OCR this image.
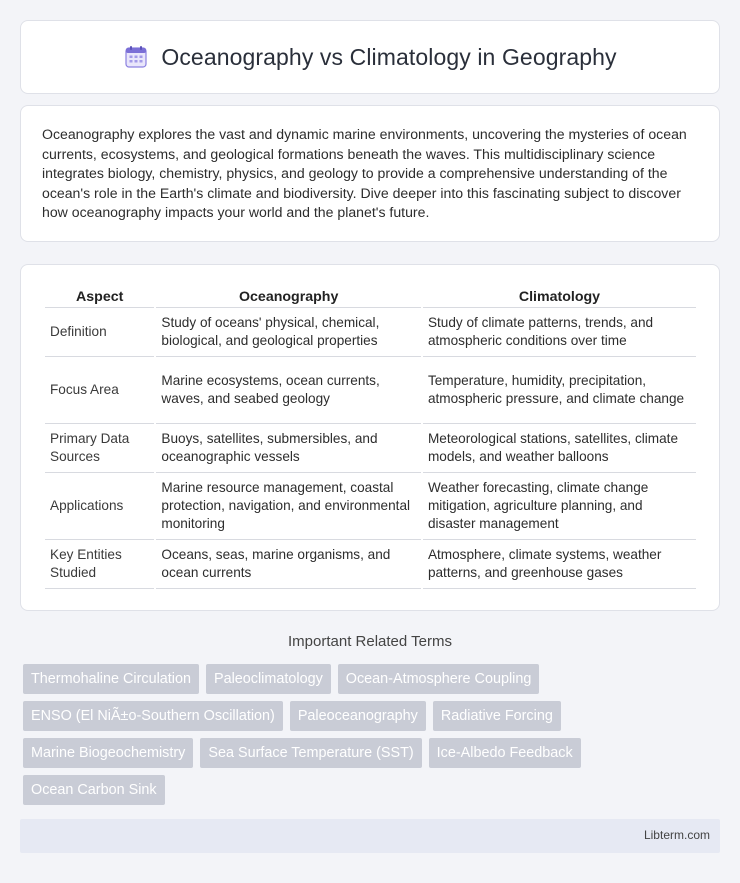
Oceanography vs Climatology in Geography

Oceanography explores the vast and dynamic marine environments, uncovering the mysteries of ocean currents, ecosystems, and geological formations beneath the waves. This multidisciplinary science integrates biology, chemistry, physics, and geology to provide a comprehensive understanding of the ocean's role in the Earth's climate and biodiversity. Dive deeper into this fascinating subject to discover how oceanography impacts your world and the planet's future.

Aspect	Oceanography	Climatology
Definition	Study of oceans' physical, chemical, biological, and geological properties	Study of climate patterns, trends, and atmospheric conditions over time
Focus Area	Marine ecosystems, ocean currents, waves, and seabed geology	Temperature, humidity, precipitation, atmospheric pressure, and climate change
Primary Data Sources	Buoys, satellites, submersibles, and oceanographic vessels	Meteorological stations, satellites, climate models, and weather balloons
Applications	Marine resource management, coastal protection, navigation, and environmental monitoring	Weather forecasting, climate change mitigation, agriculture planning, and disaster management
Key Entities Studied	Oceans, seas, marine organisms, and ocean currents	Atmosphere, climate systems, weather patterns, and greenhouse gases
Important Related Terms
Thermohaline Circulation	Paleoclimatology	Ocean-Atmosphere Coupling
ENSO (El NiÃ±o-Southern Oscillation)	Paleoceanography	Radiative Forcing
Marine Biogeochemistry	Sea Surface Temperature (SST)	Ice-Albedo Feedback
Ocean Carbon Sink
Libterm.com
